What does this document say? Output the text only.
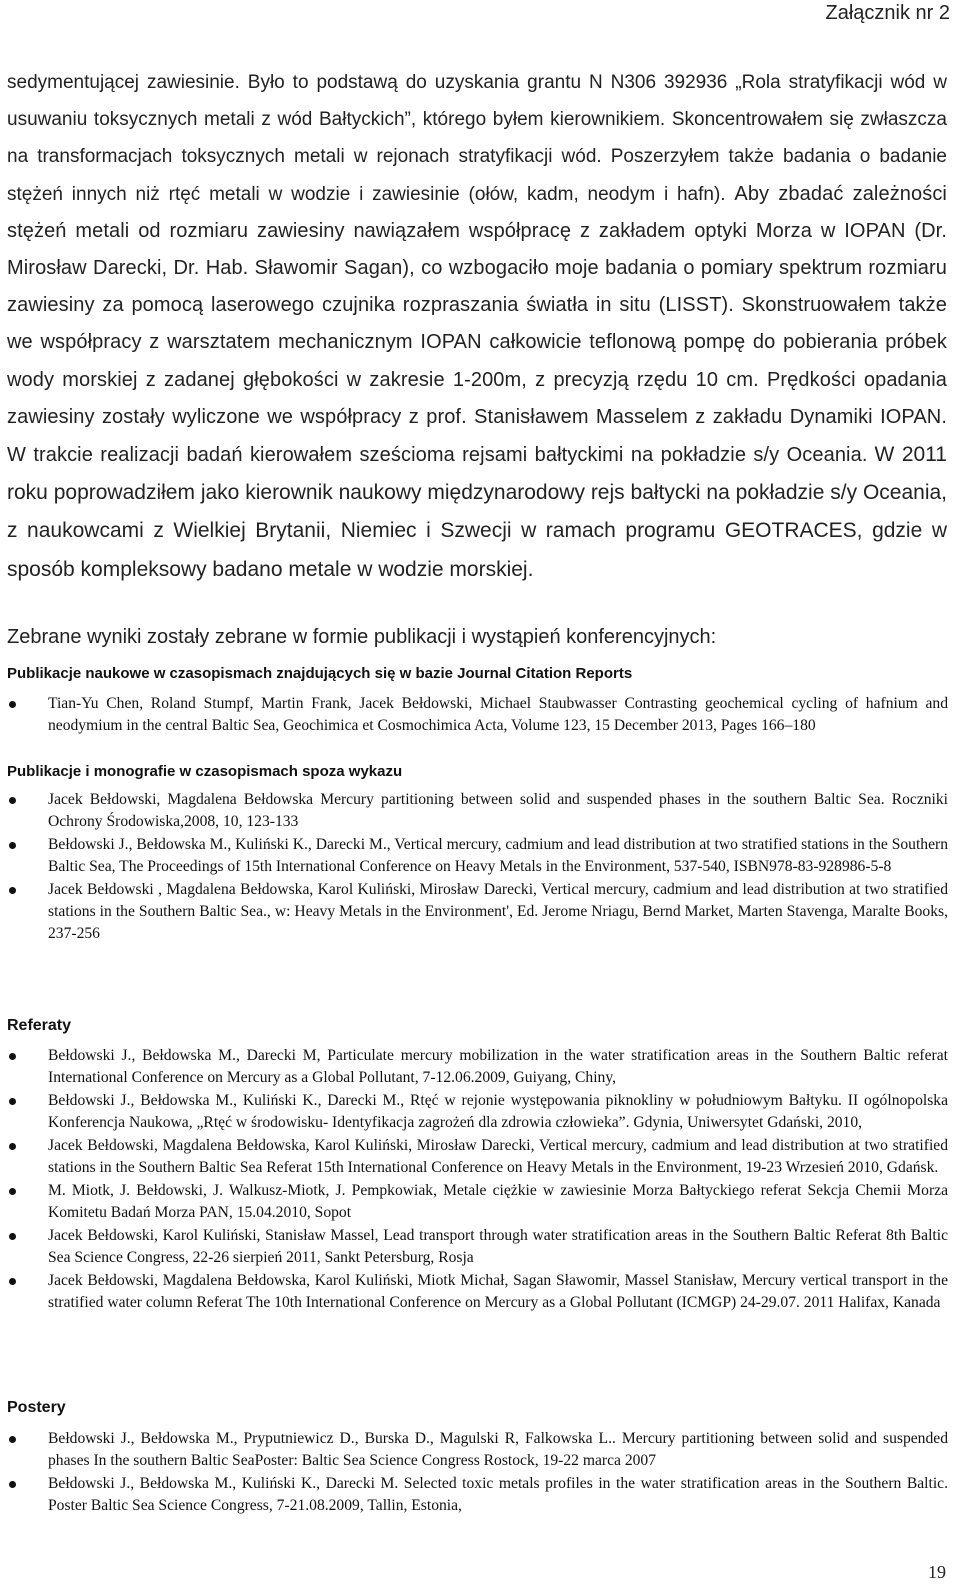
Załącznik nr 2
sedymentującej zawiesinie. Było to podstawą do uzyskania grantu N N306 392936 „Rola stratyfikacji wód w usuwaniu toksycznych metali z wód Bałtyckich”, którego byłem kierownikiem. Skoncentrowałem się zwłaszcza na transformacjach toksycznych metali w rejonach stratyfikacji wód. Poszerzyłem także badania o badanie stężeń innych niż rtęć metali w wodzie i zawiesinie (ołów, kadm, neodym i hafn). Aby zbadać zależności stężeń metali od rozmiaru zawiesiny nawiązałem współpracę z zakładem optyki Morza w IOPAN (Dr. Mirosław Darecki, Dr. Hab. Sławomir Sagan), co wzbogaciło moje badania o pomiary spektrum rozmiaru zawiesiny za pomocą laserowego czujnika rozpraszania światła in situ (LISST). Skonstruowałem także we współpracy z warsztatem mechanicznym IOPAN całkowicie teflonową pompę do pobierania próbek wody morskiej z zadanej głębokości w zakresie 1-200m, z precyzją rzędu 10 cm. Prędkości opadania zawiesiny zostały wyliczone we współpracy z prof. Stanisławem Masselem z zakładu Dynamiki IOPAN. W trakcie realizacji badań kierowałem sześcioma rejsami bałtyckimi na pokładzie s/y Oceania. W 2011 roku poprowadziłem jako kierownik naukowy międzynarodowy rejs bałtycki na pokładzie s/y Oceania, z naukowcami z Wielkiej Brytanii, Niemiec i Szwecji w ramach programu GEOTRACES, gdzie w sposób kompleksowy badano metale w wodzie morskiej.
Zebrane wyniki zostały zebrane w formie publikacji i wystąpień konferencyjnych:
Publikacje naukowe w czasopismach znajdujących się w bazie Journal Citation Reports
Tian-Yu Chen, Roland Stumpf, Martin Frank, Jacek Bełdowski, Michael Staubwasser Contrasting geochemical cycling of hafnium and neodymium in the central Baltic Sea, Geochimica et Cosmochimica Acta, Volume 123, 15 December 2013, Pages 166–180
Publikacje i monografie w czasopismach spoza wykazu
Jacek Bełdowski, Magdalena Bełdowska Mercury partitioning between solid and suspended phases in the southern Baltic Sea. Roczniki Ochrony Środowiska,2008, 10, 123-133
Bełdowski J., Bełdowska M., Kuliński K., Darecki M., Vertical mercury, cadmium and lead distribution at two stratified stations in the Southern Baltic Sea, The Proceedings of 15th International Conference on Heavy Metals in the Environment, 537-540, ISBN978-83-928986-5-8
Jacek Bełdowski , Magdalena Bełdowska, Karol Kuliński, Mirosław Darecki, Vertical mercury, cadmium and lead distribution at two stratified stations in the Southern Baltic Sea., w: Heavy Metals in the Environment', Ed. Jerome Nriagu, Bernd Market, Marten Stavenga, Maralte Books, 237-256
Referaty
Bełdowski J., Bełdowska M., Darecki M, Particulate mercury mobilization in the water stratification areas in the Southern Baltic referat International Conference on Mercury as a Global Pollutant, 7-12.06.2009, Guiyang, Chiny,
Bełdowski J., Bełdowska M., Kuliński K., Darecki M., Rtęć w rejonie występowania piknokliny w południowym Bałtyku. II ogólnopolska Konferencja Naukowa, „Rtęć w środowisku- Identyfikacja zagrożeń dla zdrowia człowieka”. Gdynia, Uniwersytet Gdański, 2010,
Jacek Bełdowski, Magdalena Bełdowska, Karol Kuliński, Mirosław Darecki, Vertical mercury, cadmium and lead distribution at two stratified stations in the Southern Baltic Sea Referat 15th International Conference on Heavy Metals in the Environment, 19-23 Wrzesień 2010, Gdańsk.
M. Miotk, J. Bełdowski, J. Walkusz-Miotk, J. Pempkowiak, Metale ciężkie w zawiesinie Morza Bałtyckiego referat Sekcja Chemii Morza Komitetu Badań Morza PAN, 15.04.2010, Sopot
Jacek Bełdowski, Karol Kuliński, Stanisław Massel, Lead transport through water stratification areas in the Southern Baltic Referat 8th Baltic Sea Science Congress, 22-26 sierpień 2011, Sankt Petersburg, Rosja
Jacek Bełdowski, Magdalena Bełdowska, Karol Kuliński, Miotk Michał, Sagan Sławomir, Massel Stanisław, Mercury vertical transport in the stratified water column Referat The 10th International Conference on Mercury as a Global Pollutant (ICMGP) 24-29.07. 2011 Halifax, Kanada
Postery
Bełdowski J., Bełdowska M., Pryputniewicz D., Burska D., Magulski R, Falkowska L.. Mercury partitioning between solid and suspended phases In the southern Baltic SeaPoster: Baltic Sea Science Congress Rostock, 19-22 marca 2007
Bełdowski J., Bełdowska M., Kuliński K., Darecki M. Selected toxic metals profiles in the water stratification areas in the Southern Baltic. Poster Baltic Sea Science Congress, 7-21.08.2009, Tallin, Estonia,
19
